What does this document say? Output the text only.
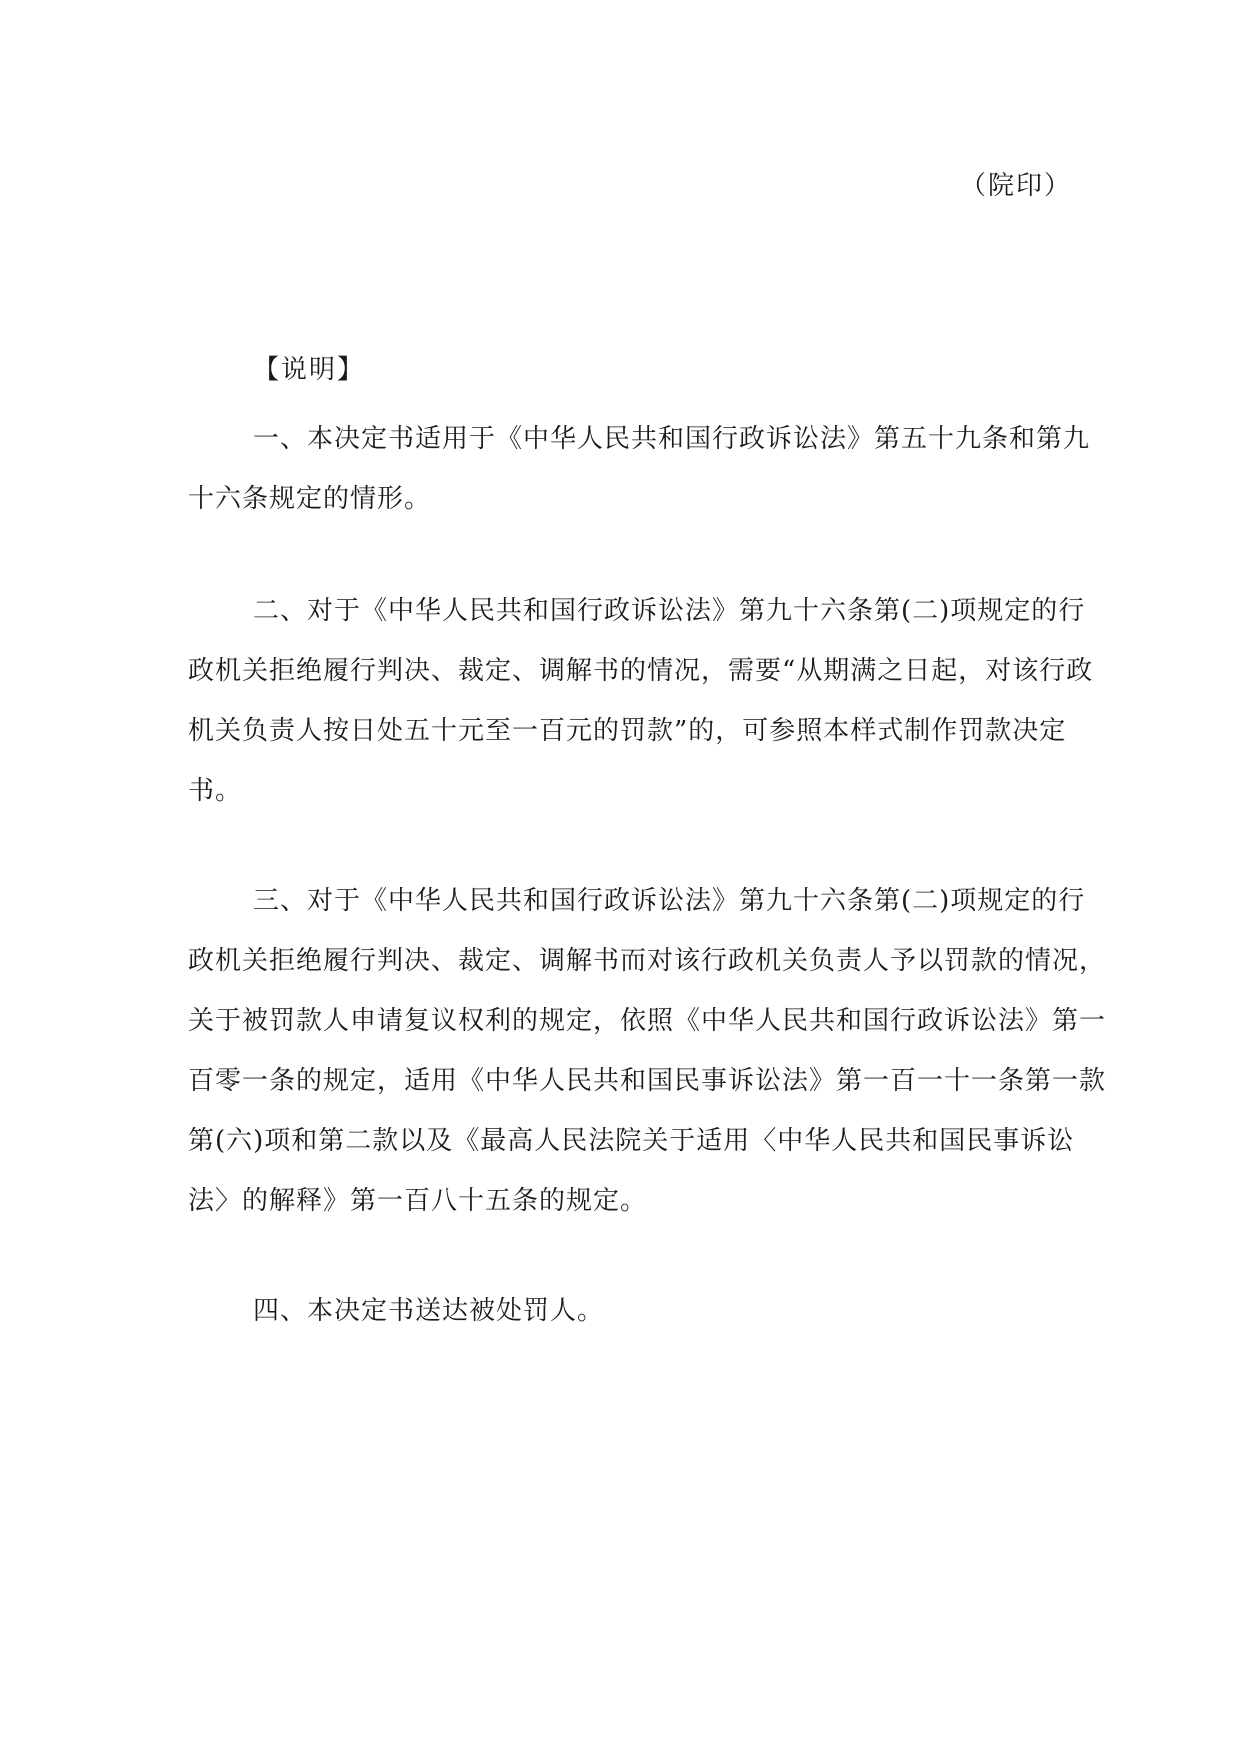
（院印）
【说明】
一、本决定书适用于《中华人民共和国行政诉讼法》第五十九条和第九
十六条规定的情形。
二、对于《中华人民共和国行政诉讼法》第九十六条第(二)项规定的行
政机关拒绝履行判决、裁定、调解书的情况，需要“从期满之日起，对该行政
机关负责人按日处五十元至一百元的罚款”的，可参照本样式制作罚款决定
书。
三、对于《中华人民共和国行政诉讼法》第九十六条第(二)项规定的行
政机关拒绝履行判决、裁定、调解书而对该行政机关负责人予以罚款的情况，
关于被罚款人申请复议权利的规定，依照《中华人民共和国行政诉讼法》第一
百零一条的规定，适用《中华人民共和国民事诉讼法》第一百一十一条第一款
第(六)项和第二款以及《最高人民法院关于适用〈中华人民共和国民事诉讼
法〉的解释》第一百八十五条的规定。
四、本决定书送达被处罚人。
